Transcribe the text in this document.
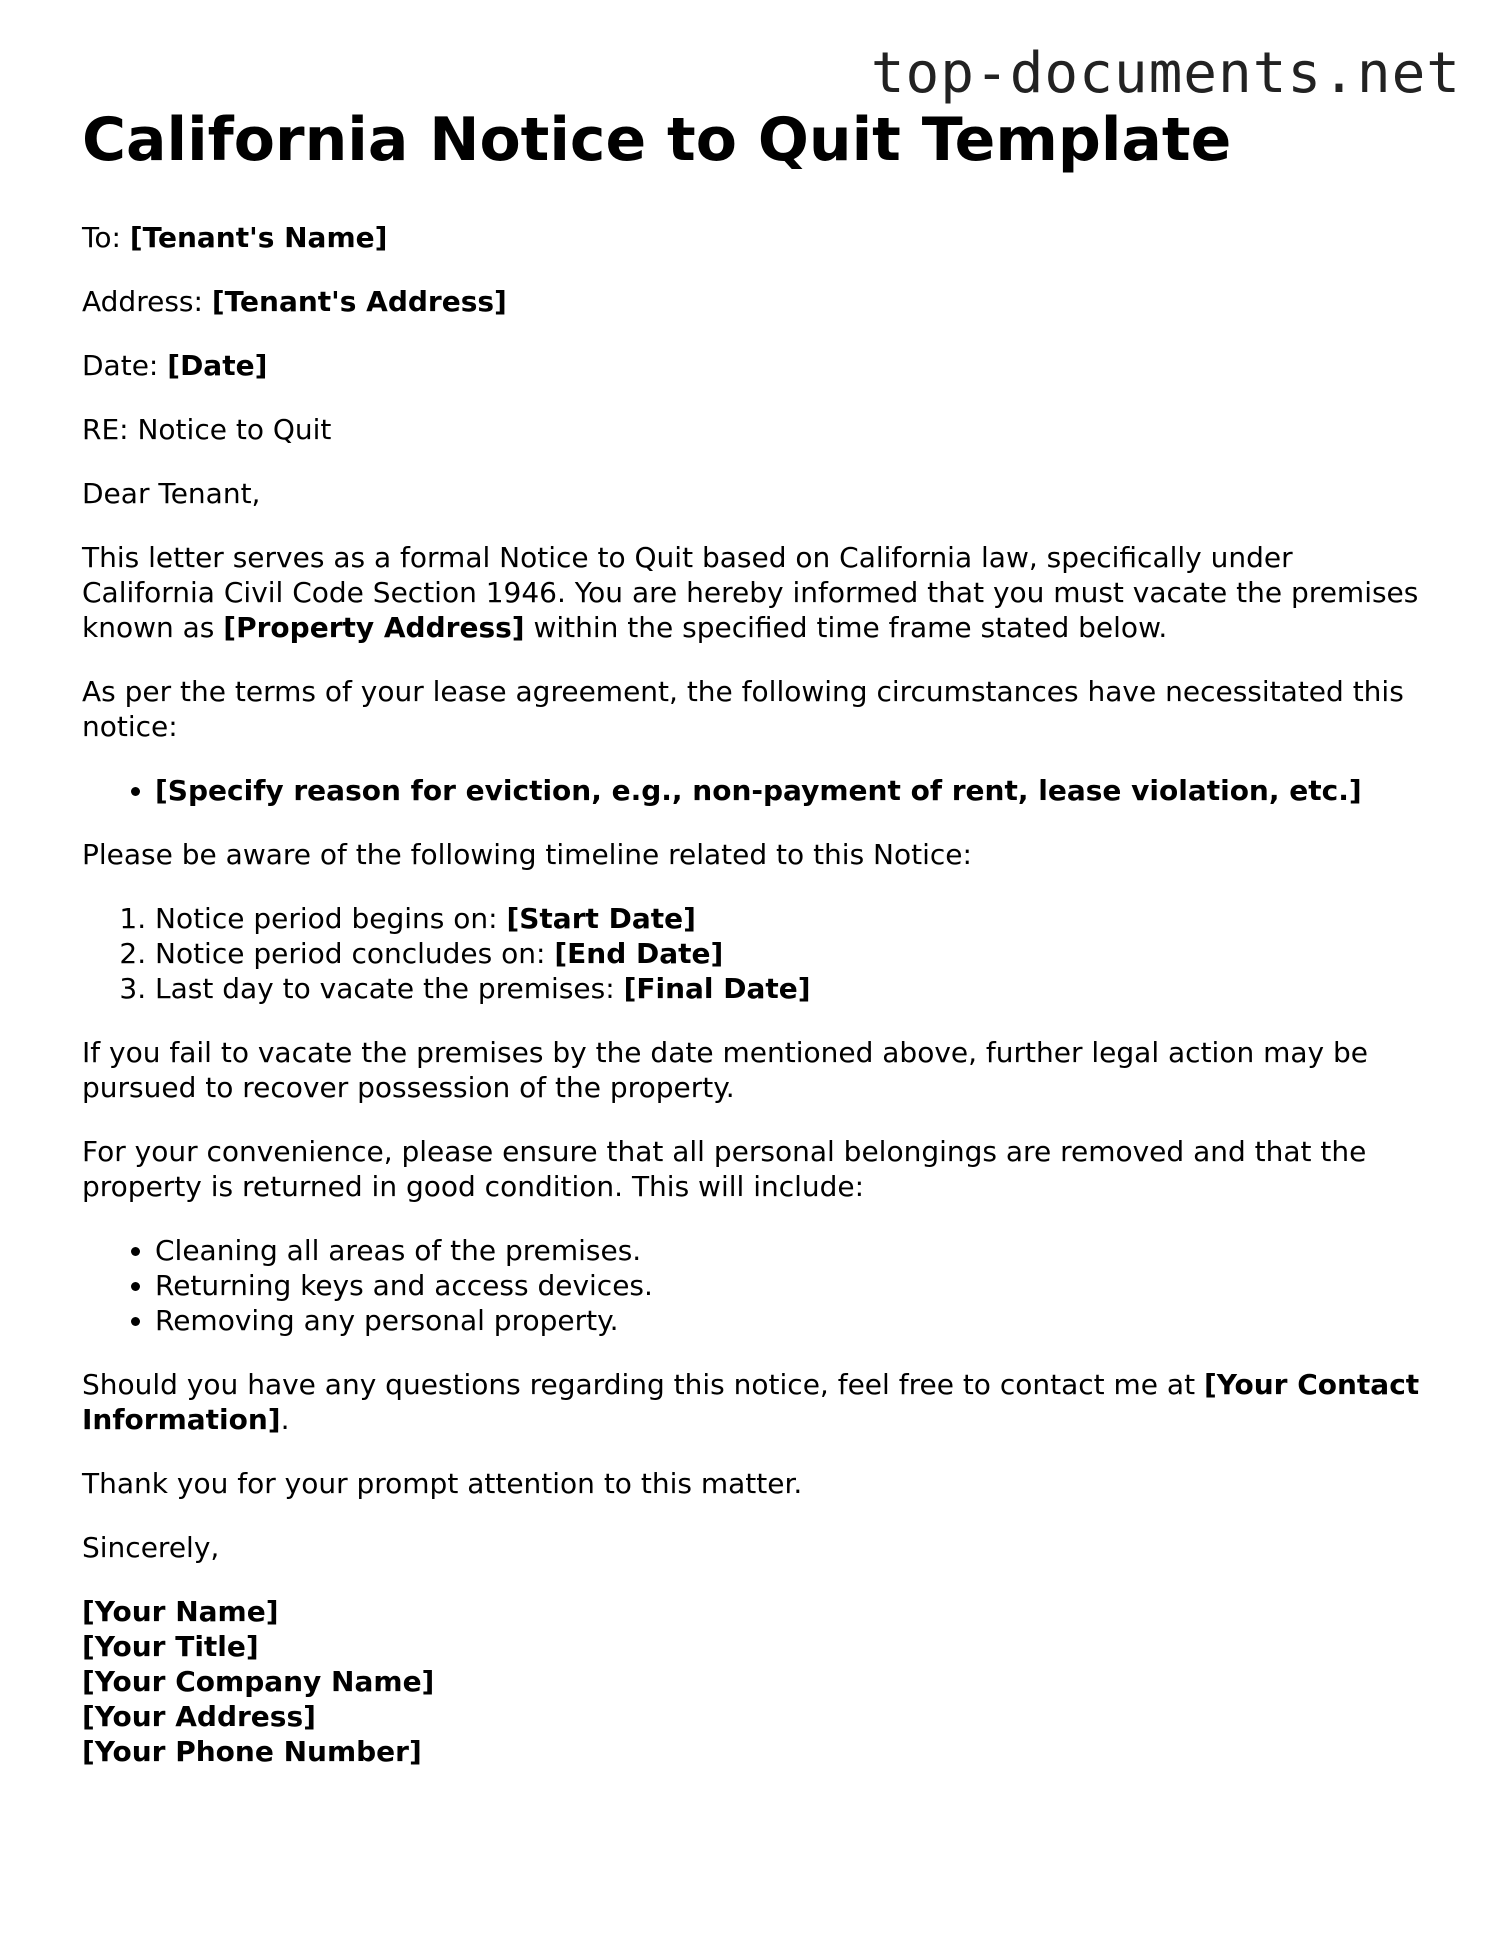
top-documents.net
California Notice to Quit Template

To: [Tenant's Name]

Address: [Tenant's Address]

Date: [Date]

RE: Notice to Quit

Dear Tenant,

This letter serves as a formal Notice to Quit based on California law, specifically under California Civil Code Section 1946. You are hereby informed that you must vacate the premises known as [Property Address] within the specified time frame stated below.

As per the terms of your lease agreement, the following circumstances have necessitated this notice:

• [Specify reason for eviction, e.g., non-payment of rent, lease violation, etc.]

Please be aware of the following timeline related to this Notice:

1. Notice period begins on: [Start Date]
2. Notice period concludes on: [End Date]
3. Last day to vacate the premises: [Final Date]

If you fail to vacate the premises by the date mentioned above, further legal action may be pursued to recover possession of the property.

For your convenience, please ensure that all personal belongings are removed and that the property is returned in good condition. This will include:

• Cleaning all areas of the premises.
• Returning keys and access devices.
• Removing any personal property.

Should you have any questions regarding this notice, feel free to contact me at [Your Contact Information].

Thank you for your prompt attention to this matter.

Sincerely,

[Your Name]
[Your Title]
[Your Company Name]
[Your Address]
[Your Phone Number]
